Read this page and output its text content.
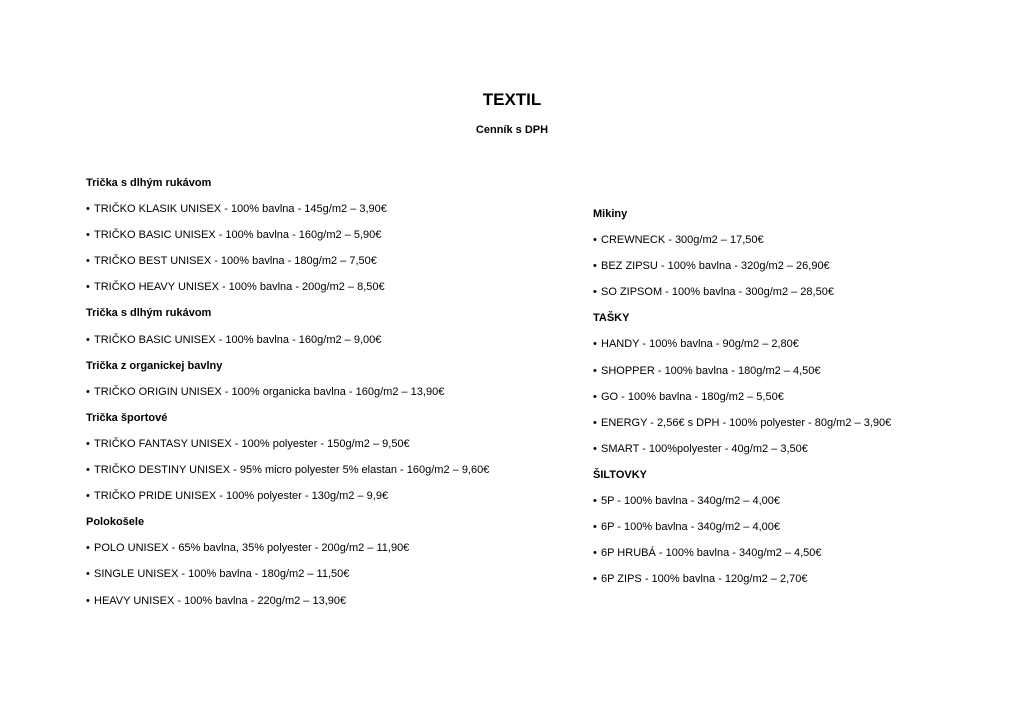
TEXTIL
Cenník s DPH
Trička s dlhým rukávom
• TRIČKO KLASIK UNISEX - 100% bavlna - 145g/m2 – 3,90€
• TRIČKO BASIC UNISEX - 100% bavlna - 160g/m2 – 5,90€
• TRIČKO BEST UNISEX - 100% bavlna - 180g/m2 – 7,50€
• TRIČKO HEAVY UNISEX - 100% bavlna - 200g/m2 – 8,50€
Trička s dlhým rukávom
• TRIČKO BASIC UNISEX - 100% bavlna - 160g/m2 – 9,00€
Trička z organickej bavlny
• TRIČKO ORIGIN UNISEX - 100% organicka bavlna - 160g/m2 – 13,90€
Trička športové
• TRIČKO FANTASY UNISEX - 100% polyester - 150g/m2 – 9,50€
• TRIČKO DESTINY UNISEX - 95% micro polyester 5% elastan - 160g/m2 – 9,60€
• TRIČKO PRIDE UNISEX - 100% polyester - 130g/m2 – 9,9€
Polokošele
• POLO UNISEX - 65% bavlna, 35% polyester - 200g/m2 – 11,90€
• SINGLE UNISEX - 100% bavlna - 180g/m2 – 11,50€
• HEAVY UNISEX - 100% bavlna - 220g/m2 – 13,90€
Mikiny
• CREWNECK - 300g/m2 – 17,50€
• BEZ ZIPSU - 100% bavlna - 320g/m2 – 26,90€
• SO ZIPSOM - 100% bavlna - 300g/m2 – 28,50€
TAŠKY
• HANDY - 100% bavlna - 90g/m2 – 2,80€
• SHOPPER - 100% bavlna - 180g/m2 – 4,50€
• GO - 100% bavlna - 180g/m2 – 5,50€
• ENERGY - 2,56€ s DPH - 100% polyester - 80g/m2 – 3,90€
• SMART - 100%polyester - 40g/m2 – 3,50€
ŠILTOVKY
• 5P - 100% bavlna - 340g/m2 – 4,00€
• 6P - 100% bavlna - 340g/m2 – 4,00€
• 6P HRUBÁ - 100% bavlna - 340g/m2 – 4,50€
• 6P ZIPS - 100% bavlna - 120g/m2 – 2,70€
